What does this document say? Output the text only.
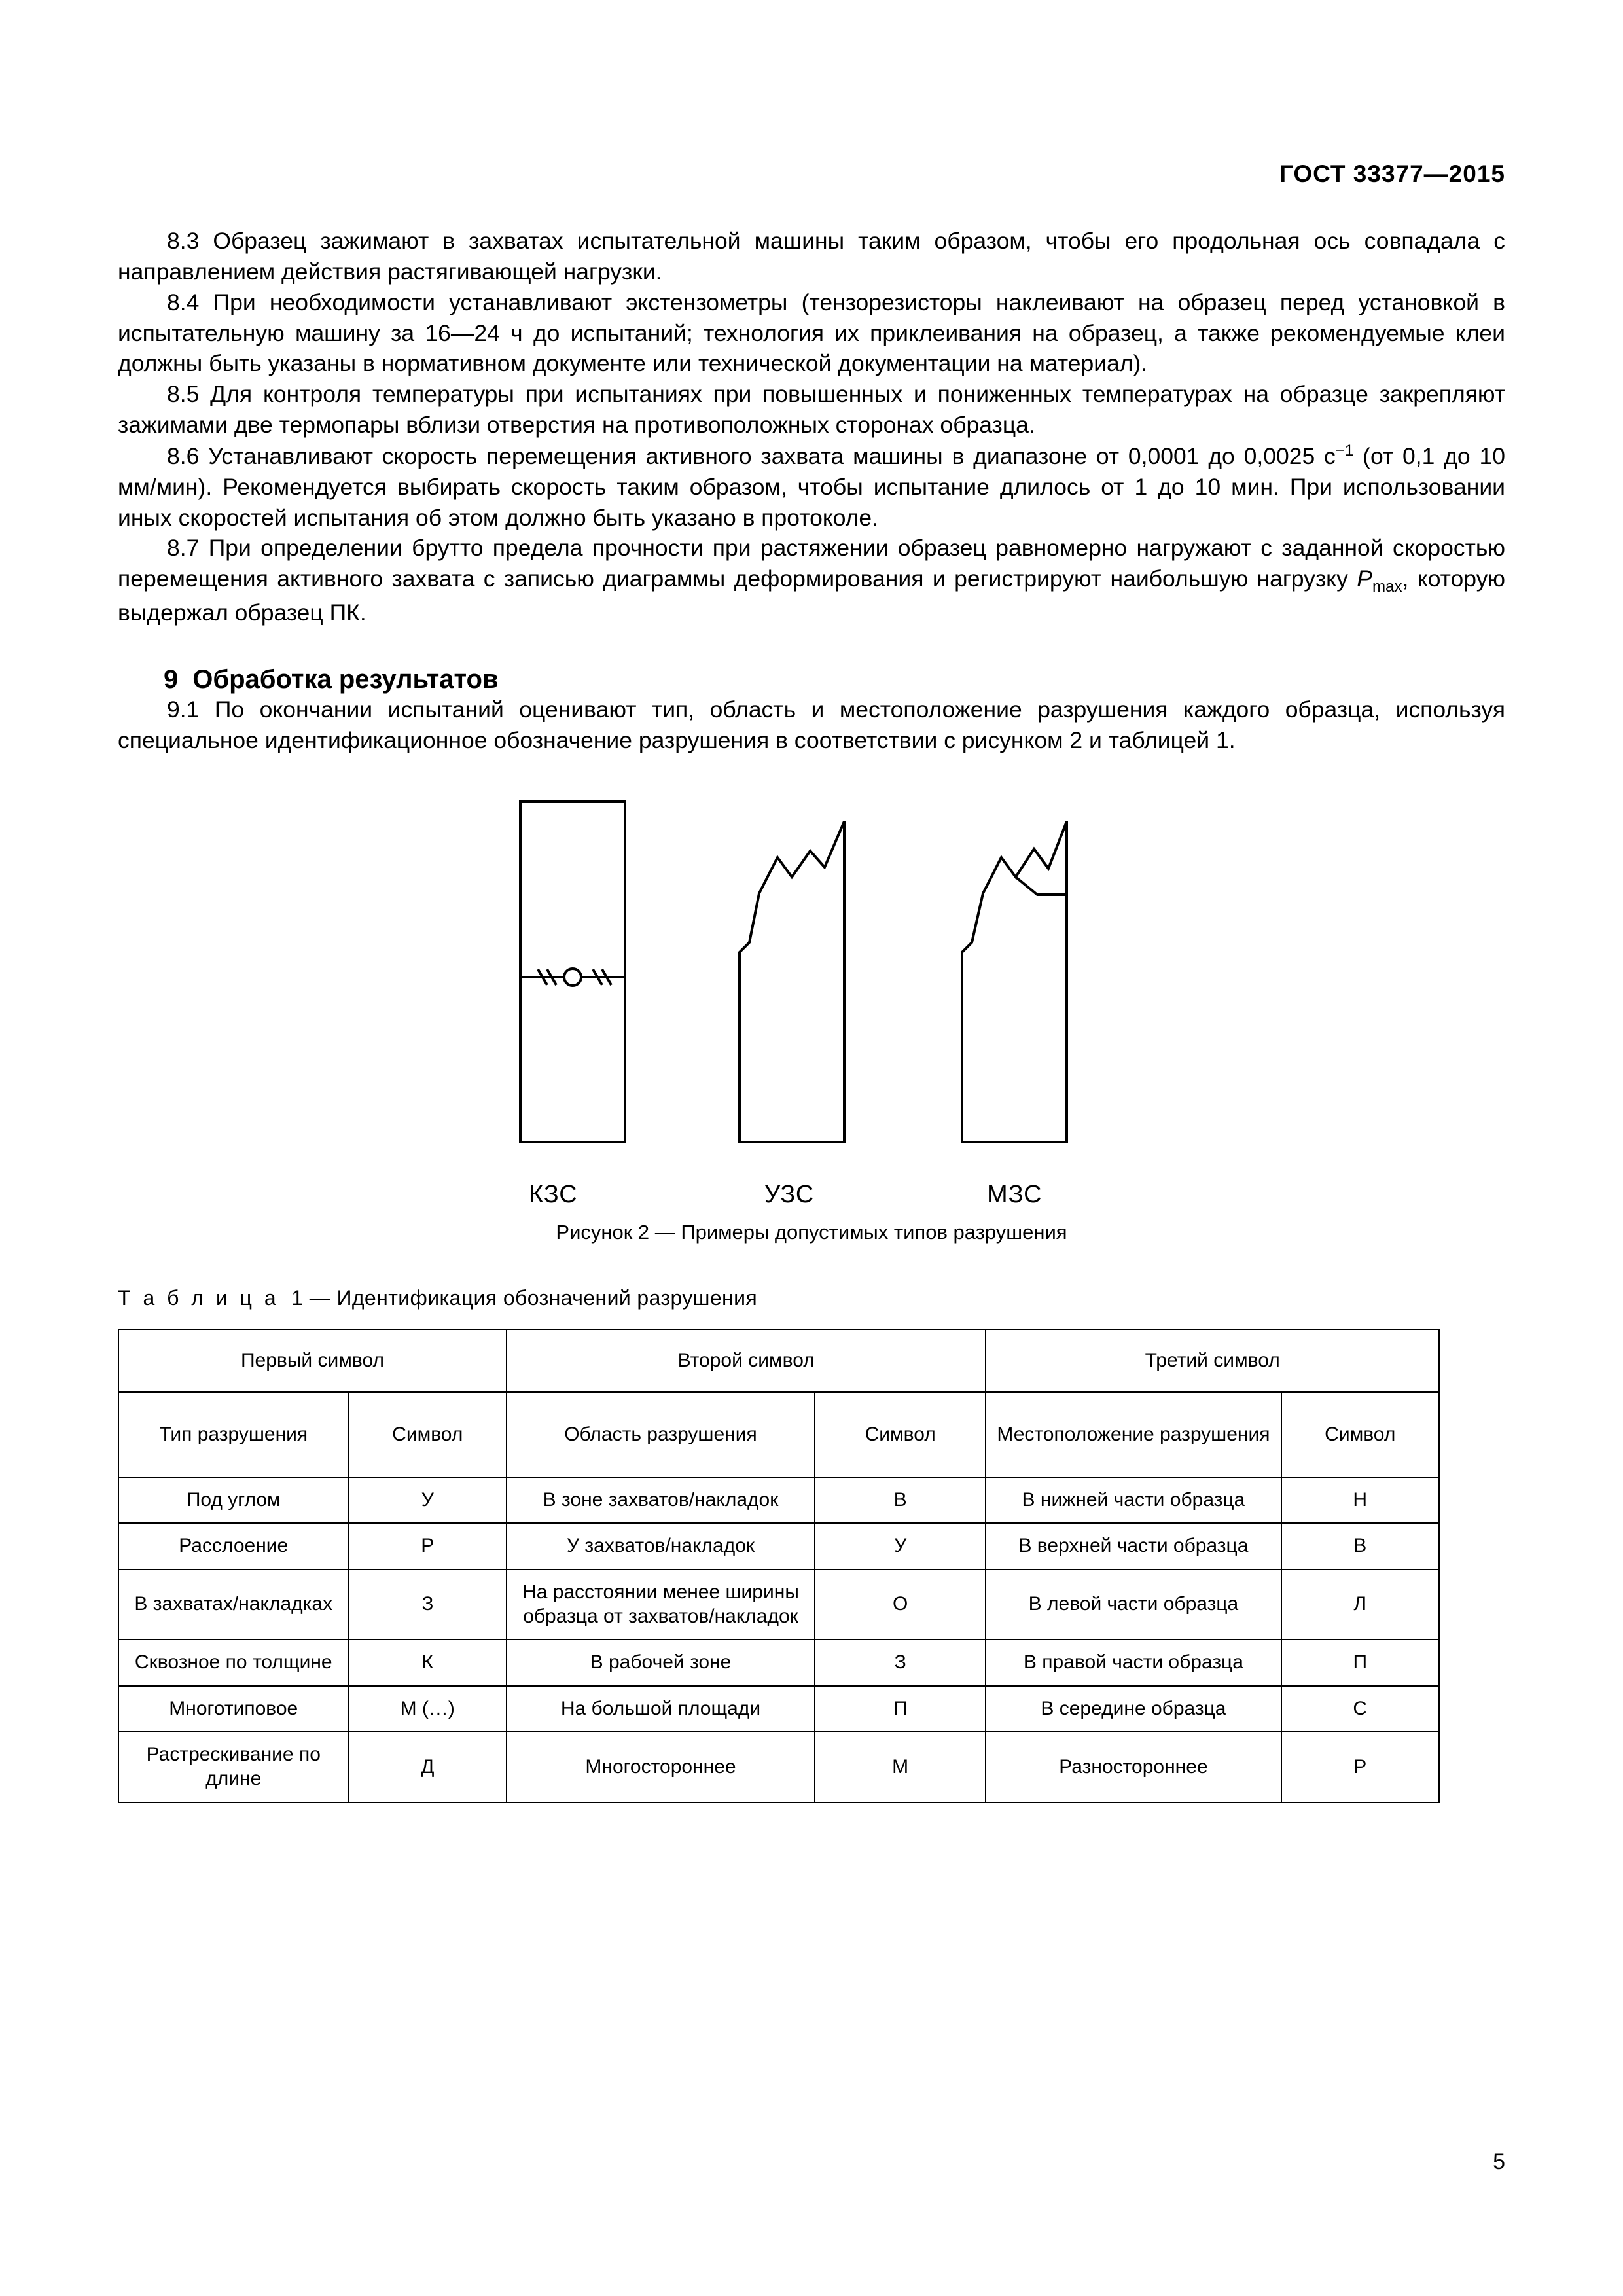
ГОСТ 33377—2015

8.3 Образец зажимают в захватах испытательной машины таким образом, чтобы его продольная ось совпадала с направлением действия растягивающей нагрузки.

8.4 При необходимости устанавливают экстензометры (тензорезисторы наклеивают на образец перед установкой в испытательную машину за 16—24 ч до испытаний; технология их приклеивания на образец, а также рекомендуемые клеи должны быть указаны в нормативном документе или технической документации на материал).

8.5 Для контроля температуры при испытаниях при повышенных и пониженных температурах на образце закрепляют зажимами две термопары вблизи отверстия на противоположных сторонах образца.

8.6 Устанавливают скорость перемещения активного захвата машины в диапазоне от 0,0001 до 0,0025 $с^{-1}$ (от 0,1 до 10 мм/мин). Рекомендуется выбирать скорость таким образом, чтобы испытание длилось от 1 до 10 мин. При использовании иных скоростей испытания об этом должно быть указано в протоколе.

8.7 При определении брутто предела прочности при растяжении образец равномерно нагружают с заданной скоростью перемещения активного захвата с записью диаграммы деформирования и регистрируют наибольшую нагрузку $P_{max}$, которую выдержал образец ПК.

9 Обработка результатов

9.1 По окончании испытаний оценивают тип, область и местоположение разрушения каждого образца, используя специальное идентификационное обозначение разрушения в соответствии с рисунком 2 и таблицей 1.

КЗС	УЗС	МЗС
Рисунок 2 — Примеры допустимых типов разрушения
Т а б л и ц а 1 — Идентификация обозначений разрушения
Первый символ		Второй символ		Третий символ	
Тип разрушения	Символ	Область разрушения	Символ	Местоположение разрушения	Символ
Под углом	У	В зоне захватов/накладок	В	В нижней части образца	Н
Расслоение	Р	У захватов/накладок	У	В верхней части образца	В
В захватах/накладках	З	На расстоянии менее ширины образца от захватов/накладок	О	В левой части образца	Л
Сквозное по толщине	К	В рабочей зоне	З	В правой части образца	П
Многотиповое	М (…)	На большой площади	П	В середине образца	С
Растрескивание по длине	Д	Многостороннее	М	Разностороннее	Р
5
